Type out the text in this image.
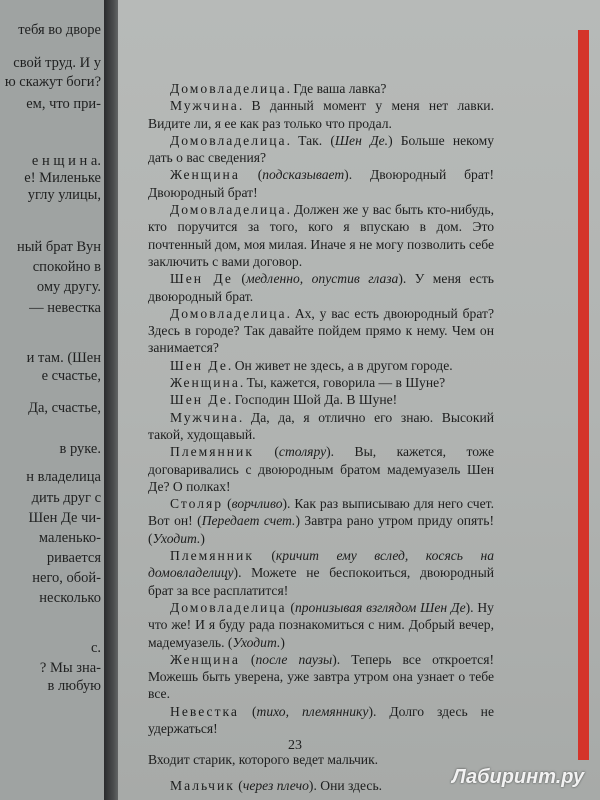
тебя во дворе
свой труд. И у
ю скажут боги?
ем, что при-
е н щ и н а.
е! Миленьке
углу улицы,
ный брат Вун
спокойно в
ому другу.
— невестка
и там. (Шен
е счастье,
Да, счастье,
в руке.
н владелица
дить друг с
Шен Де чи-
маленько-
ривается
него, обой-
несколько
с.
? Мы зна-
в любую

Домовладелица. Где ваша лавка?

Мужчина. В данный момент у меня нет лавки. Видите ли, я ее как раз только что продал.

Домовладелица. Так. (Шен Де.) Больше некому дать о вас сведения?

Женщина (подсказывает). Двоюродный брат! Двоюродный брат!

Домовладелица. Должен же у вас быть кто-нибудь, кто поручится за того, кого я впускаю в дом. Это почтенный дом, моя милая. Иначе я не могу позволить себе заключить с вами договор.

Шен Де (медленно, опустив глаза). У меня есть двоюродный брат.

Домовладелица. Ах, у вас есть двоюродный брат? Здесь в городе? Так давайте пойдем прямо к нему. Чем он занимается?

Шен Де. Он живет не здесь, а в другом городе.

Женщина. Ты, кажется, говорила — в Шуне?

Шен Де. Господин Шой Да. В Шуне!

Мужчина. Да, да, я отлично его знаю. Высокий такой, худощавый.

Племянник (столяру). Вы, кажется, тоже договаривались с двоюродным братом мадемуазель Шен Де? О полках!

Столяр (ворчливо). Как раз выписываю для него счет. Вот он! (Передает счет.) Завтра рано утром приду опять! (Уходит.)

Племянник (кричит ему вслед, косясь на домовладелицу). Можете не беспокоиться, двоюродный брат за все расплатится!

Домовладелица (пронизывая взглядом Шен Де). Ну что же! И я буду рада познакомиться с ним. Добрый вечер, мадемуазель. (Уходит.)

Женщина (после паузы). Теперь все откроется! Можешь быть уверена, уже завтра утром она узнает о тебе все.

Невестка (тихо, племяннику). Долго здесь не удержаться!

Входит старик, которого ведет мальчик.

Мальчик (через плечо). Они здесь.

23
Лабиринт.ру
